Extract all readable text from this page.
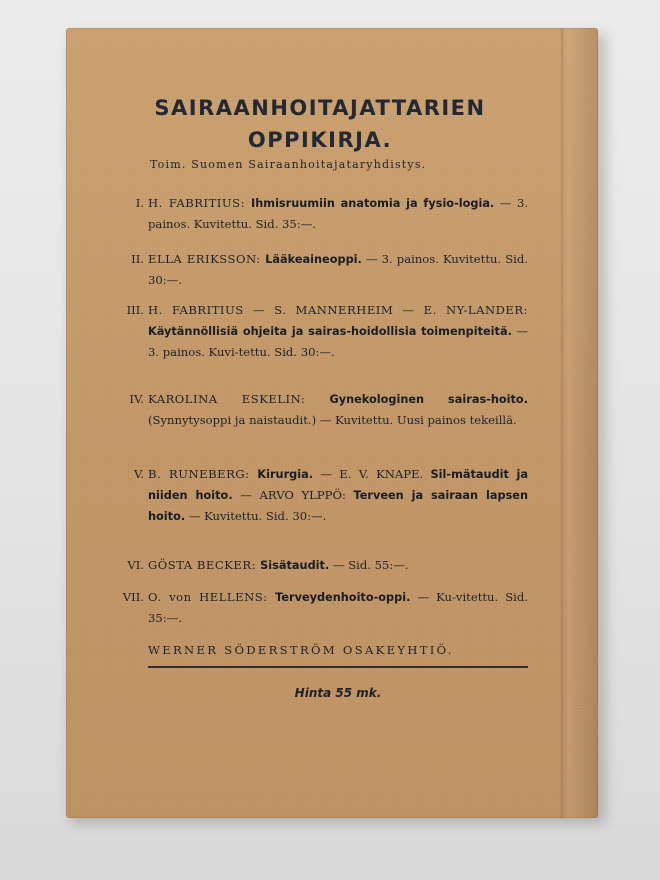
SAIRAANHOITAJATTARIEN
OPPIKIRJA.
Toim. Suomen Sairaanhoitajataryhdistys.
I. H. FABRITIUS: Ihmisruumiin anatomia ja fysio-logia. — 3. painos. Kuvitettu. Sid. 35:—.
II. ELLA ERIKSSON: Lääkeaineoppi. — 3. painos. Kuvitettu. Sid. 30:—.
III. H. FABRITIUS — S. MANNERHEIM — E. NY-LANDER: Käytännöllisiä ohjeita ja sairas-hoidollisia toimenpiteitä. — 3. painos. Kuvi-tettu. Sid. 30:—.
IV. KAROLINA ESKELIN: Gynekologinen sairas-hoito. (Synnytysoppi ja naistaudit.) — Kuvitettu. Uusi painos tekeillä.
V. B. RUNEBERG: Kirurgia. — E. V. KNAPE. Sil-mätaudit ja niiden hoito. — ARVO YLPPÖ: Terveen ja sairaan lapsen hoito. — Kuvitettu. Sid. 30:—.
VI. GÖSTA BECKER: Sisätaudit. — Sid. 55:—.
VII. O. von HELLENS: Terveydenhoito-oppi. — Ku-vitettu. Sid. 35:—.
WERNER SÖDERSTRÖM OSAKEYHTIÖ.
Hinta 55 mk.
